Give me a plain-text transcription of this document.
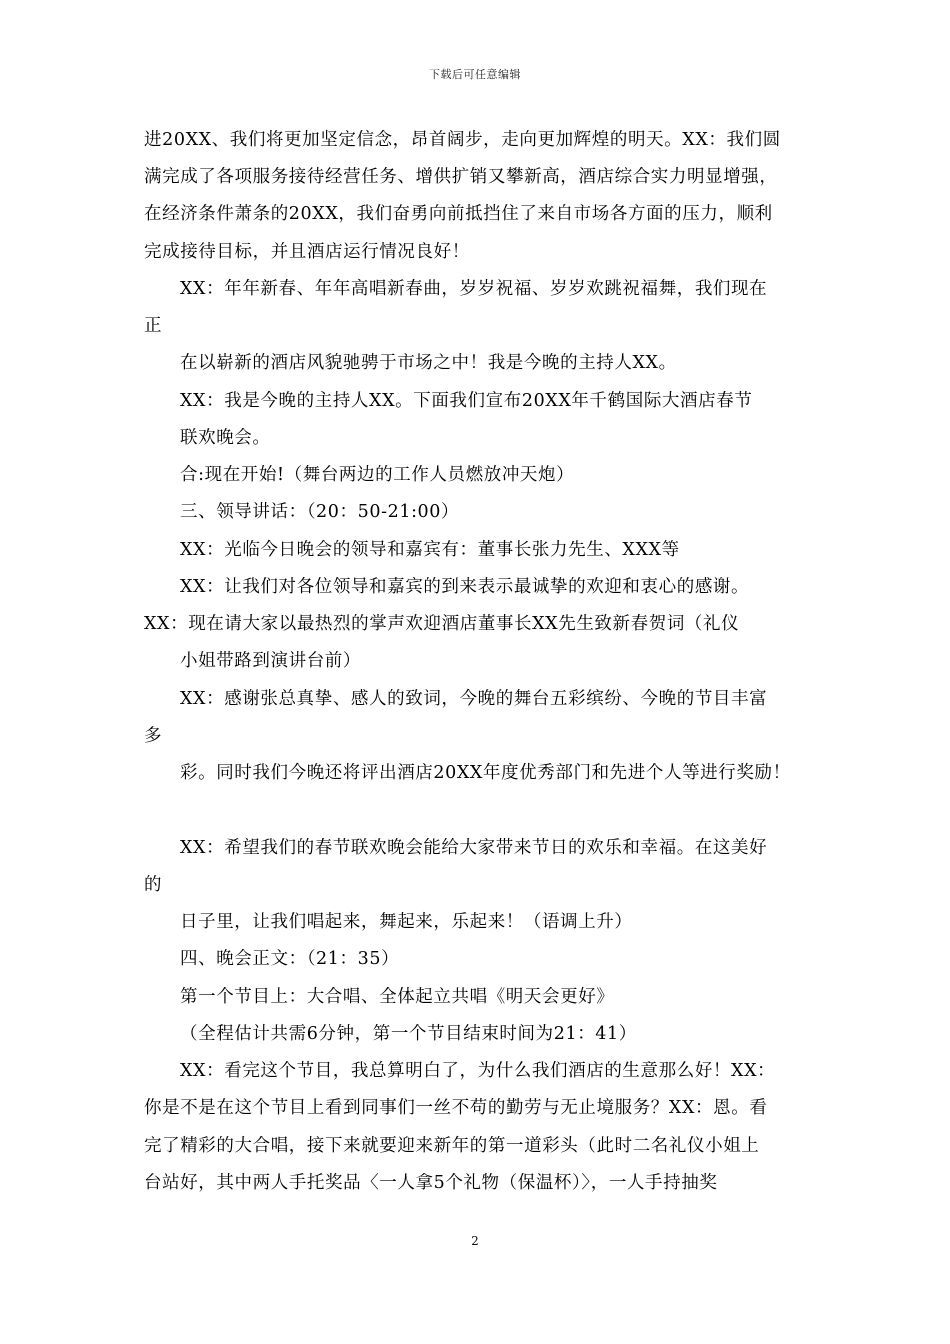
下载后可任意编辑
进20XX、我们将更加坚定信念，昂首阔步，走向更加辉煌的明天。XX：我们圆
满完成了各项服务接待经营任务、增供扩销又攀新高，酒店综合实力明显增强，
在经济条件萧条的20XX，我们奋勇向前抵挡住了来自市场各方面的压力，顺利
完成接待目标，并且酒店运行情况良好！
XX：年年新春、年年高唱新春曲，岁岁祝福、岁岁欢跳祝福舞，我们现在
正
在以崭新的酒店风貌驰骋于市场之中！我是今晚的主持人XX。
XX：我是今晚的主持人XX。下面我们宣布20XX年千鹤国际大酒店春节
联欢晚会。
合:现在开始!（舞台两边的工作人员燃放冲天炮）
三、领导讲话：（20：50-21:00）
XX：光临今日晚会的领导和嘉宾有：董事长张力先生、XXX等
XX：让我们对各位领导和嘉宾的到来表示最诚挚的欢迎和衷心的感谢。
XX：现在请大家以最热烈的掌声欢迎酒店董事长XX先生致新春贺词（礼仪
小姐带路到演讲台前）
XX：感谢张总真挚、感人的致词，今晚的舞台五彩缤纷、今晚的节目丰富
多
彩。同时我们今晚还将评出酒店20XX年度优秀部门和先进个人等进行奖励！
XX：希望我们的春节联欢晚会能给大家带来节日的欢乐和幸福。在这美好
的
日子里，让我们唱起来，舞起来，乐起来！（语调上升）
四、晚会正文：（21：35）
第一个节目上：大合唱、全体起立共唱《明天会更好》
（全程估计共需6分钟，第一个节目结束时间为21：41）
XX：看完这个节目，我总算明白了，为什么我们酒店的生意那么好！XX：
你是不是在这个节目上看到同事们一丝不苟的勤劳与无止境服务？XX：恩。看
完了精彩的大合唱，接下来就要迎来新年的第一道彩头（此时二名礼仪小姐上
台站好，其中两人手托奖品〈一人拿5个礼物（保温杯）〉，一人手持抽奖
2
